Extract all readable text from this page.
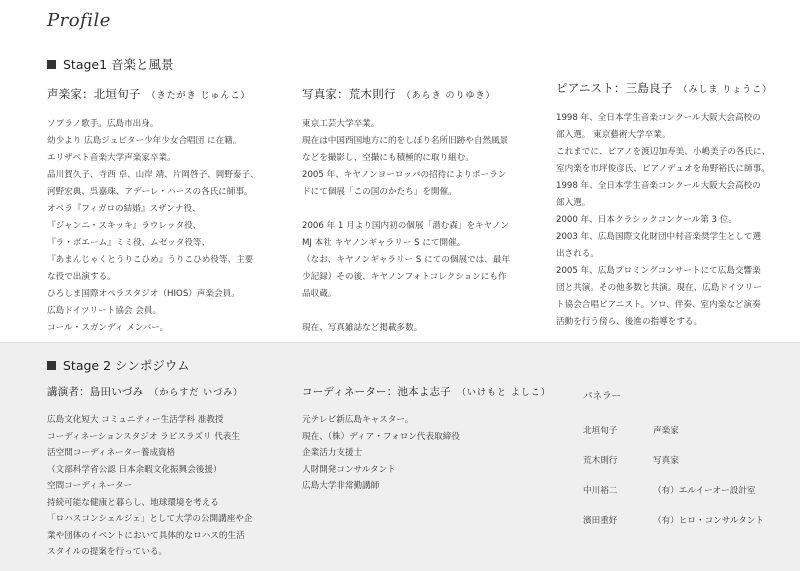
Profile
Stage1 音楽と風景
声楽家：北垣旬子 （きたがき じゅんこ）
ソプラノ歌手。広島市出身。
幼少より 広島ジュピター少年少女合唱団 に在籍。
エリザベト音楽大学声楽家卒業。
品川賀久子、寺西 卓、山岸 靖、片岡啓子、岡野泰子、
河野宏典、呉嘉珠、アデーレ・ハースの各氏に師事。
オペラ『フィガロの結婚』スザンナ役、
『ジャンニ・スキッキ』ラウレッタ役、
『ラ・ボエーム』ミミ役、ムゼッタ役等、
『あまんじゃくとうりこひめ』うりこひめ役等、主要
な役で出演する。
ひろしま国際オペラスタジオ（HIOS）声楽会員。
広島ドイツリート協会 会員。
コール・スガンディ メンバー。
写真家：荒木則行 （あらき のりゆき）
東京工芸大学卒業。
現在は中国西国地方に的をしぼり名所旧跡や自然風景
などを撮影し、空撮にも積極的に取り組む。
2005 年、キヤノンヨーロッパの招待によりポーラン
ドにて個展「この国のかたち」を開催。
2006 年 1 月より国内初の個展「潜む森」をキヤノン
MJ 本社 キヤノンギャラリー S にて開催。
（なお、キヤノンギャラリー S にての個展では、最年
少記録）その後、キヤノンフォトコレクションにも作
品収蔵。
現在、写真雑誌など掲載多数。
ピアニスト：三島良子 （みしま りょうこ）
1998 年、全日本学生音楽コンクール大阪大会高校の
部入選。 東京藝術大学卒業。
これまでに、ピアノを渡辺加寿美、小嶋美子の各氏に、
室内楽を市坪俊彦氏、ピアノデュオを角野裕氏に師事。
1998 年、全日本学生音楽コンクール大阪大会高校の
部入選。
2000 年、日本クラシックコンクール第 3 位。
2003 年、広島国際文化財団中村音楽奨学生として選
出される。
2005 年、広島プロミングコンサートにて広島交響楽
団と共演。その他多数と共演。現在、広島ドイツリー
ト協会合唱ピアニスト。ソロ、伴奏、室内楽など演奏
活動を行う傍ら、後進の指導をする。
Stage 2 シンポジウム
講演者：島田いづみ （からすだ いづみ）
広島文化短大 コミュニティー生活学科 准教授
コーディネーションスタジオ ラピスラズリ 代表生
活空間コーディネーター養成資格
（文部科学省公認 日本余暇文化振興会後援）
空間コーディネーター
持続可能な健康と暮らし、地球環境を考える
「ロハスコンシェルジェ」として大学の公開講座や企
業や団体のイベントにおいて具体的なロハス的生活
スタイルの提案を行っている。
コーディネーター：池本よ志子 （いけもと よしこ）
元テレビ新広島キャスター。
現在、（株）ディア・フォロン代表取締役
企業活力支援士
人財開発コンサルタント
広島大学非常勤講師
パネラー
北垣旬子	声楽家
荒木則行	写真家
中川裕二	（有）エルイーオー設計室
濱田重好	（有）ヒロ・コンサルタント
